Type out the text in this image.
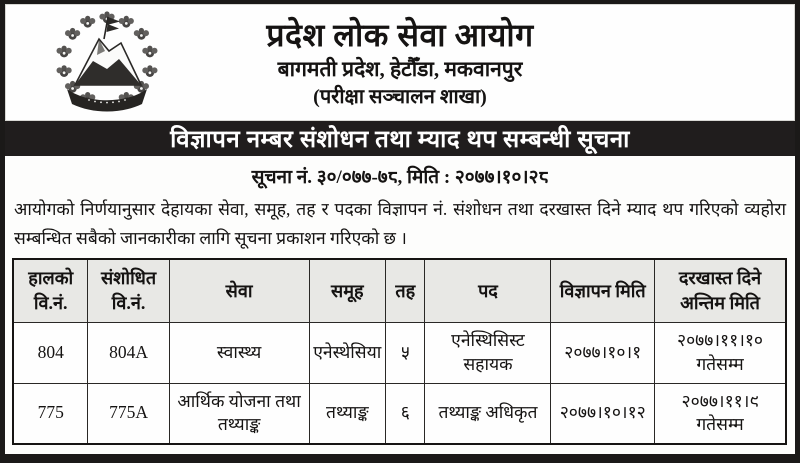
प्रदेश लोक सेवा आयोग
बागमती प्रदेश, हेटौँडा, मकवानपुर
(परीक्षा सञ्चालन शाखा)
विज्ञापन नम्बर संशोधन तथा म्याद थप सम्बन्धी सूचना
सूचना नं. ३०/०७७-७८, मिति : २०७७।१०।२८
आयोगको निर्णयानुसार देहायका सेवा, समूह, तह र पदका विज्ञापन नं. संशोधन तथा दरखास्त दिने म्याद थप गरिएको व्यहोरा सम्बन्धित सबैको जानकारीका लागि सूचना प्रकाशन गरिएको छ ।
हालको वि.नं.	संशोधित वि.नं.	सेवा	समूह	तह	पद	विज्ञापन मिति	दरखास्त दिने अन्तिम मिति
804	804A	स्वास्थ्य	एनेस्थेसिया	५	एनेस्थिसिस्ट सहायक	२०७७।१०।१	२०७७।११।१० गतेसम्म
775	775A	आर्थिक योजना तथा तथ्याङ्क	तथ्याङ्क	६	तथ्याङ्क अधिकृत	२०७७।१०।१२	२०७७।११।९ गतेसम्म
